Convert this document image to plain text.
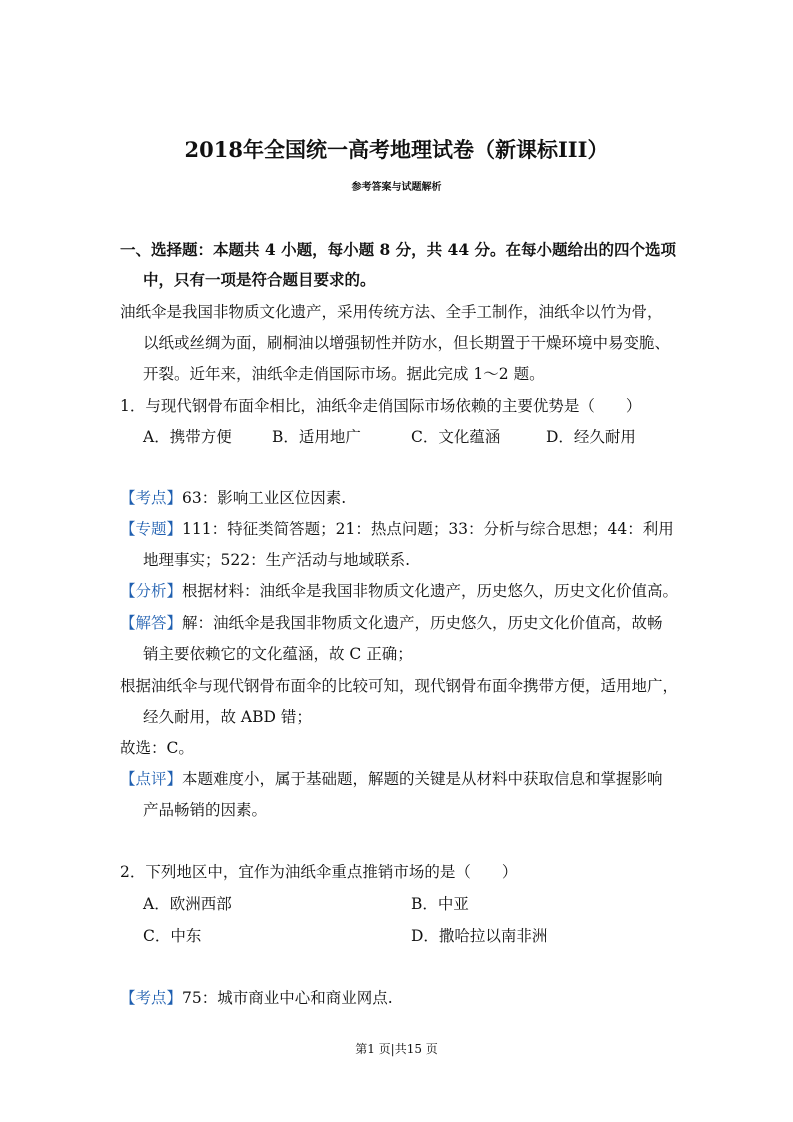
2018年全国统一高考地理试卷（新课标III）
参考答案与试题解析
一、选择题：本题共 4 小题，每小题 8 分，共 44 分。在每小题给出的四个选项
中，只有一项是符合题目要求的。
油纸伞是我国非物质文化遗产，采用传统方法、全手工制作，油纸伞以竹为骨，
以纸或丝绸为面，刷桐油以增强韧性并防水，但长期置于干燥环境中易变脆、
开裂。近年来，油纸伞走俏国际市场。据此完成 1～2 题。
1．与现代钢骨布面伞相比，油纸伞走俏国际市场依赖的主要优势是（　　）
A．携带方便	B．适用地广	C．文化蕴涵	D．经久耐用
【考点】63：影响工业区位因素.
【专题】111：特征类简答题；21：热点问题；33：分析与综合思想；44：利用
地理事实；522：生产活动与地域联系.
【分析】根据材料：油纸伞是我国非物质文化遗产，历史悠久，历史文化价值高。
【解答】解：油纸伞是我国非物质文化遗产，历史悠久，历史文化价值高，故畅
销主要依赖它的文化蕴涵，故 C 正确；
根据油纸伞与现代钢骨布面伞的比较可知，现代钢骨布面伞携带方便，适用地广，
经久耐用，故 ABD 错；
故选：C。
【点评】本题难度小，属于基础题，解题的关键是从材料中获取信息和掌握影响
产品畅销的因素。
2．下列地区中，宜作为油纸伞重点推销市场的是（　　）
A．欧洲西部	B．中亚
C．中东	D．撒哈拉以南非洲
【考点】75：城市商业中心和商业网点.
第1 页|共15 页
